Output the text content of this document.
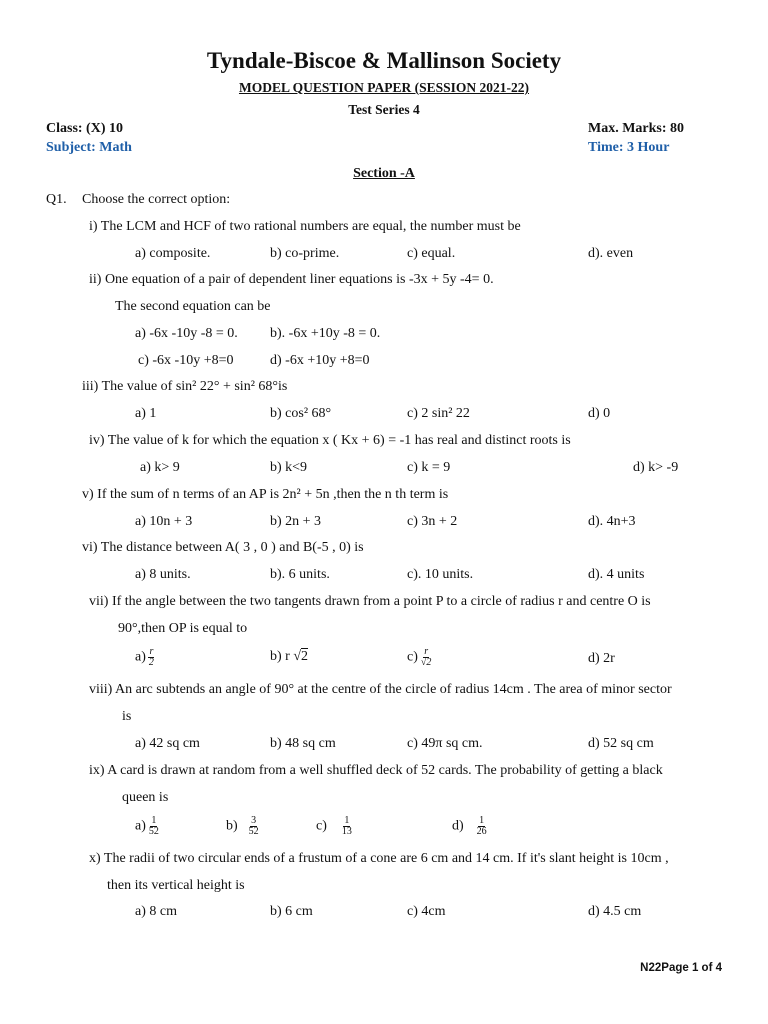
Tyndale-Biscoe & Mallinson Society
MODEL QUESTION PAPER (SESSION 2021-22)
Test Series 4
Class: (X) 10	Max. Marks: 80
Subject: Math	Time: 3 Hour
Section -A
Q1. Choose the correct option:
i) The LCM and HCF of two rational numbers are equal, the number must be
a) composite.	b) co-prime.	c) equal.	d). even
ii) One equation of a pair of dependent liner equations is -3x + 5y -4= 0.
The second equation can be
a) -6x -10y -8 = 0. b). -6x +10y -8 = 0.
c) -6x -10y +8=0	d) -6x +10y +8=0
iii) The value of sin² 22° + sin² 68°is
a) 1	b) cos² 68°	c) 2 sin² 22	d) 0
iv) The value of k for which the equation x ( Kx + 6) = -1 has real and distinct roots is
a) k> 9	b) k<9	c) k = 9	d) k> -9
v) If the sum of n terms of an AP is 2n² + 5n ,then the n th term is
a) 10n + 3	b) 2n + 3	c) 3n + 2	d). 4n+3
vi) The distance between A( 3 , 0 ) and B(-5 , 0) is
a) 8 units.	b). 6 units.	c). 10 units.	d). 4 units
vii) If the angle between the two tangents drawn from a point P to a circle of radius r and centre O is
90°,then OP is equal to
$a) \frac{r}{2}$	b) r √2	$c) \frac{r}{√2}$	d) 2r
viii) An arc subtends an angle of 90° at the centre of the circle of radius 14cm . The area of minor sector
is
a) 42 sq cm	b) 48 sq cm	c) 49π sq cm.	d) 52 sq cm
ix) A card is drawn at random from a well shuffled deck of 52 cards. The probability of getting a black
queen is
$a) \frac{1}{52}$	$b) \frac{3}{52}$	$c) \frac{1}{13}$	$d) \frac{1}{26}$
x) The radii of two circular ends of a frustum of a cone are 6 cm and 14 cm. If it's slant height is 10cm ,
then its vertical height is
a) 8 cm	b) 6 cm	c) 4cm	d) 4.5 cm
N22Page 1 of 4
